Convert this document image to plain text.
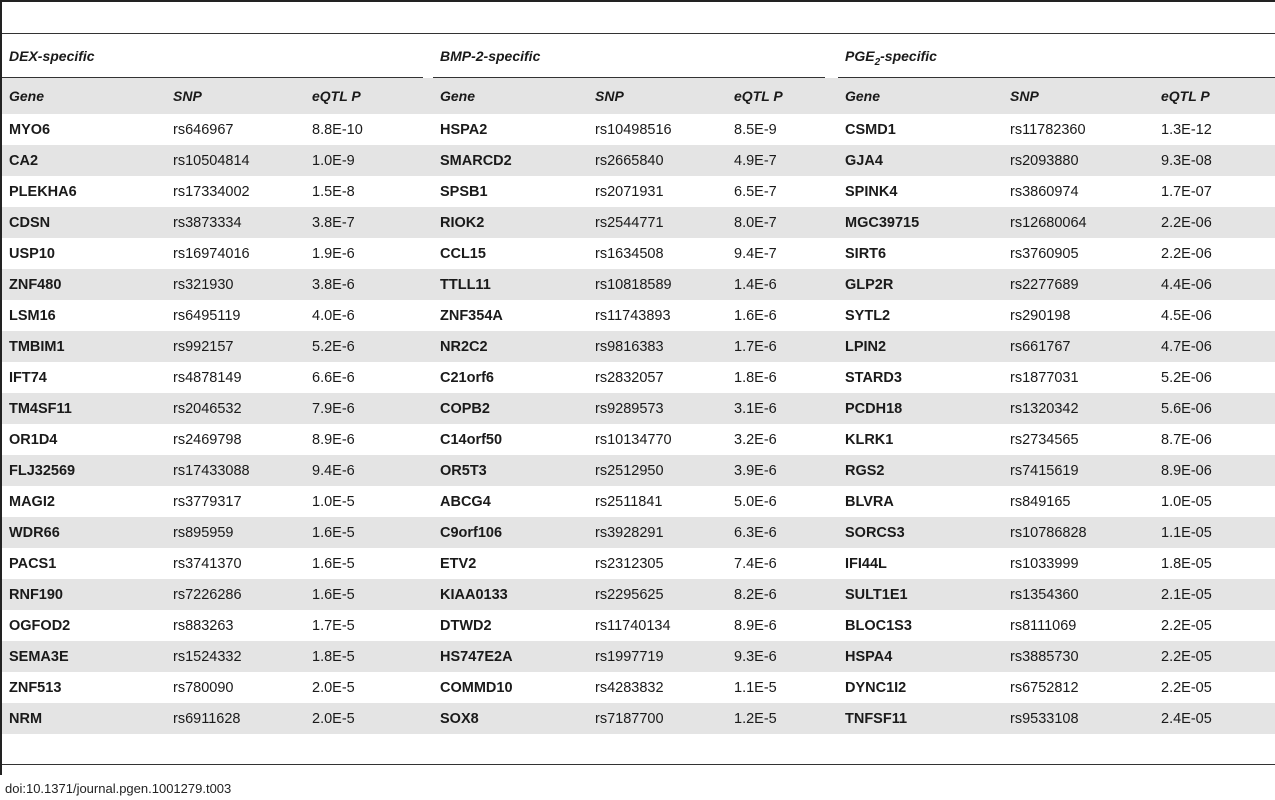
DEX-specific	BMP-2-specific	$PGE_2$-specific
Gene	SNP	eQTL P	Gene	SNP	eQTL P	Gene	SNP	eQTL P
MYO6	rs646967	8.8E-10	HSPA2	rs10498516	8.5E-9	CSMD1	rs11782360	1.3E-12
CA2	rs10504814	1.0E-9	SMARCD2	rs2665840	4.9E-7	GJA4	rs2093880	9.3E-08
PLEKHA6	rs17334002	1.5E-8	SPSB1	rs2071931	6.5E-7	SPINK4	rs3860974	1.7E-07
CDSN	rs3873334	3.8E-7	RIOK2	rs2544771	8.0E-7	MGC39715	rs12680064	2.2E-06
USP10	rs16974016	1.9E-6	CCL15	rs1634508	9.4E-7	SIRT6	rs3760905	2.2E-06
ZNF480	rs321930	3.8E-6	TTLL11	rs10818589	1.4E-6	GLP2R	rs2277689	4.4E-06
LSM16	rs6495119	4.0E-6	ZNF354A	rs11743893	1.6E-6	SYTL2	rs290198	4.5E-06
TMBIM1	rs992157	5.2E-6	NR2C2	rs9816383	1.7E-6	LPIN2	rs661767	4.7E-06
IFT74	rs4878149	6.6E-6	C21orf6	rs2832057	1.8E-6	STARD3	rs1877031	5.2E-06
TM4SF11	rs2046532	7.9E-6	COPB2	rs9289573	3.1E-6	PCDH18	rs1320342	5.6E-06
OR1D4	rs2469798	8.9E-6	C14orf50	rs10134770	3.2E-6	KLRK1	rs2734565	8.7E-06
FLJ32569	rs17433088	9.4E-6	OR5T3	rs2512950	3.9E-6	RGS2	rs7415619	8.9E-06
MAGI2	rs3779317	1.0E-5	ABCG4	rs2511841	5.0E-6	BLVRA	rs849165	1.0E-05
WDR66	rs895959	1.6E-5	C9orf106	rs3928291	6.3E-6	SORCS3	rs10786828	1.1E-05
PACS1	rs3741370	1.6E-5	ETV2	rs2312305	7.4E-6	IFI44L	rs1033999	1.8E-05
RNF190	rs7226286	1.6E-5	KIAA0133	rs2295625	8.2E-6	SULT1E1	rs1354360	2.1E-05
OGFOD2	rs883263	1.7E-5	DTWD2	rs11740134	8.9E-6	BLOC1S3	rs8111069	2.2E-05
SEMA3E	rs1524332	1.8E-5	HS747E2A	rs1997719	9.3E-6	HSPA4	rs3885730	2.2E-05
ZNF513	rs780090	2.0E-5	COMMD10	rs4283832	1.1E-5	DYNC1I2	rs6752812	2.2E-05
NRM	rs6911628	2.0E-5	SOX8	rs7187700	1.2E-5	TNFSF11	rs9533108	2.4E-05
doi:10.1371/journal.pgen.1001279.t003
